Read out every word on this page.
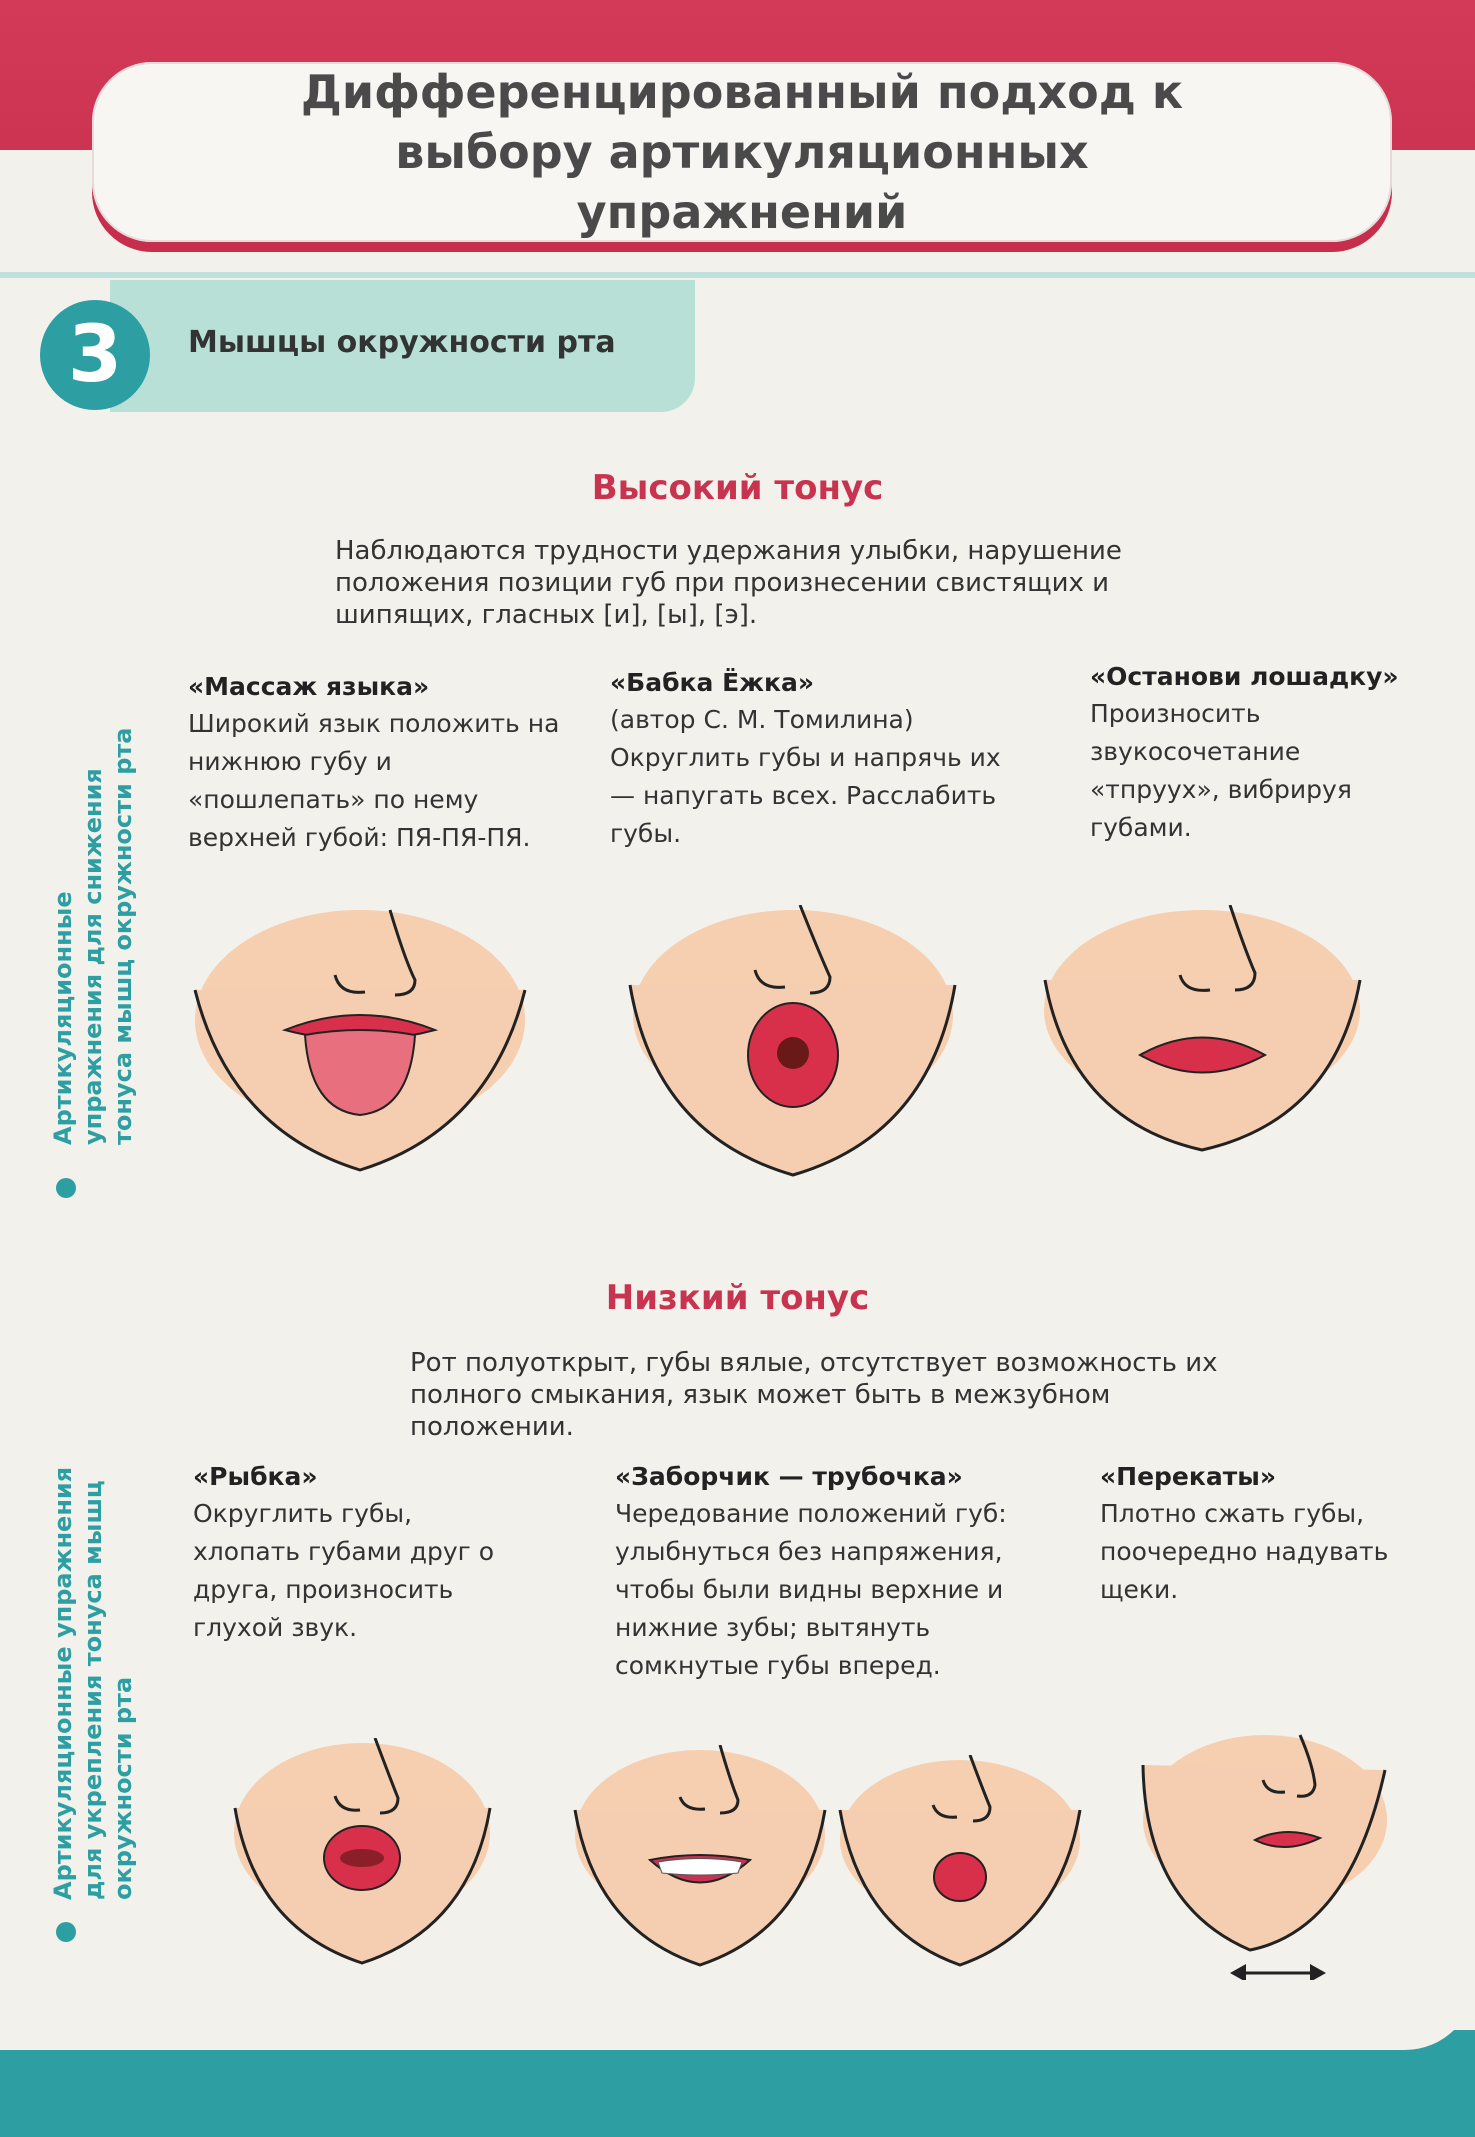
Дифференцированный подход к выбору артикуляционных упражнений
3	Мышцы окружности рта
Высокий тонус
Наблюдаются трудности удержания улыбки, нарушение положения позиции губ при произнесении свистящих и шипящих, гласных [и], [ы], [э].
«Массаж языка»
Широкий язык положить на нижнюю губу и «пошлепать» по нему верхней губой: ПЯ-ПЯ-ПЯ.
«Бабка Ёжка»
(автор С. М. Томилина) Округлить губы и напрячь их — напугать всех. Расслабить губы.
«Останови лошадку»
Произносить звукосочетание «тпруух», вибрируя губами.
Артикуляционные упражнения для снижения тонуса мышц окружности рта
Низкий тонус
Рот полуоткрыт, губы вялые, отсутствует возможность их полного смыкания, язык может быть в межзубном положении.
«Рыбка»
Округлить губы, хлопать губами друг о друга, произносить глухой звук.
«Заборчик — трубочка»
Чередование положений губ: улыбнуться без напряжения, чтобы были видны верхние и нижние зубы; вытянуть сомкнутые губы вперед.
«Перекаты»
Плотно сжать губы, поочередно надувать щеки.
Артикуляционные упражнения для укрепления тонуса мышц окружности рта
